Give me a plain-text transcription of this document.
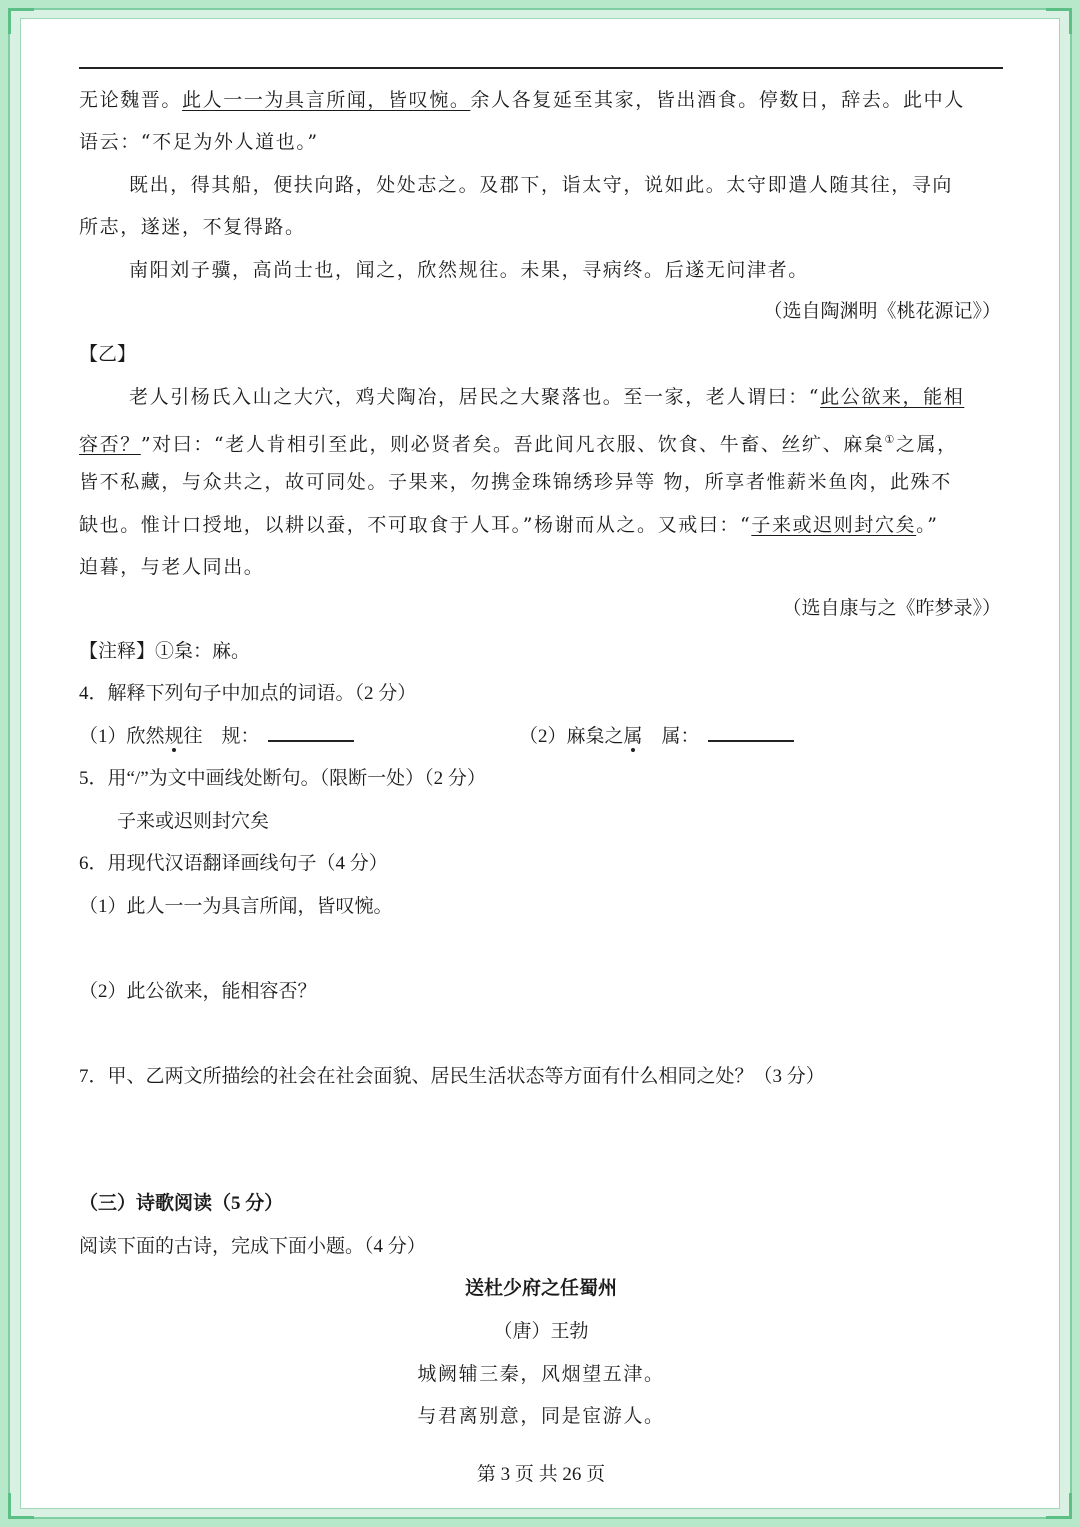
无论魏晋。此人一一为具言所闻，皆叹惋。余人各复延至其家，皆出酒食。停数日，辞去。此中人
语云：“不足为外人道也。”
既出，得其船，便扶向路，处处志之。及郡下，诣太守，说如此。太守即遣人随其往，寻向
所志，遂迷，不复得路。
南阳刘子骥，高尚士也，闻之，欣然规往。未果，寻病终。后遂无问津者。
（选自陶渊明《桃花源记》）
【乙】
老人引杨氏入山之大穴，鸡犬陶冶，居民之大聚落也。至一家，老人谓曰：“此公欲来，能相
容否？”对曰：“老人肯相引至此，则必贤者矣。吾此间凡衣服、饮食、牛畜、丝纩、麻枲①之属，
皆不私藏，与众共之，故可同处。子果来，勿携金珠锦绣珍异等 物，所享者惟薪米鱼肉，此殊不
缺也。惟计口授地，以耕以蚕，不可取食于人耳。”杨谢而从之。又戒曰：“子来或迟则封穴矣。”
迫暮，与老人同出。
（选自康与之《昨梦录》）
【注释】①枲：麻。
4．解释下列句子中加点的词语。（2 分）
（1）欣然规往　规：	（2）麻枲之属　属：
5．用“/”为文中画线处断句。（限断一处）（2 分）
子来或迟则封穴矣
6．用现代汉语翻译画线句子（4 分）
（1）此人一一为具言所闻，皆叹惋。
（2）此公欲来，能相容否？
7．甲、乙两文所描绘的社会在社会面貌、居民生活状态等方面有什么相同之处？（3 分）
（三）诗歌阅读（5 分）
阅读下面的古诗，完成下面小题。（4 分）
送杜少府之任蜀州
（唐）王勃
城阙辅三秦，风烟望五津。
与君离别意，同是宦游人。
第 3 页 共 26 页
